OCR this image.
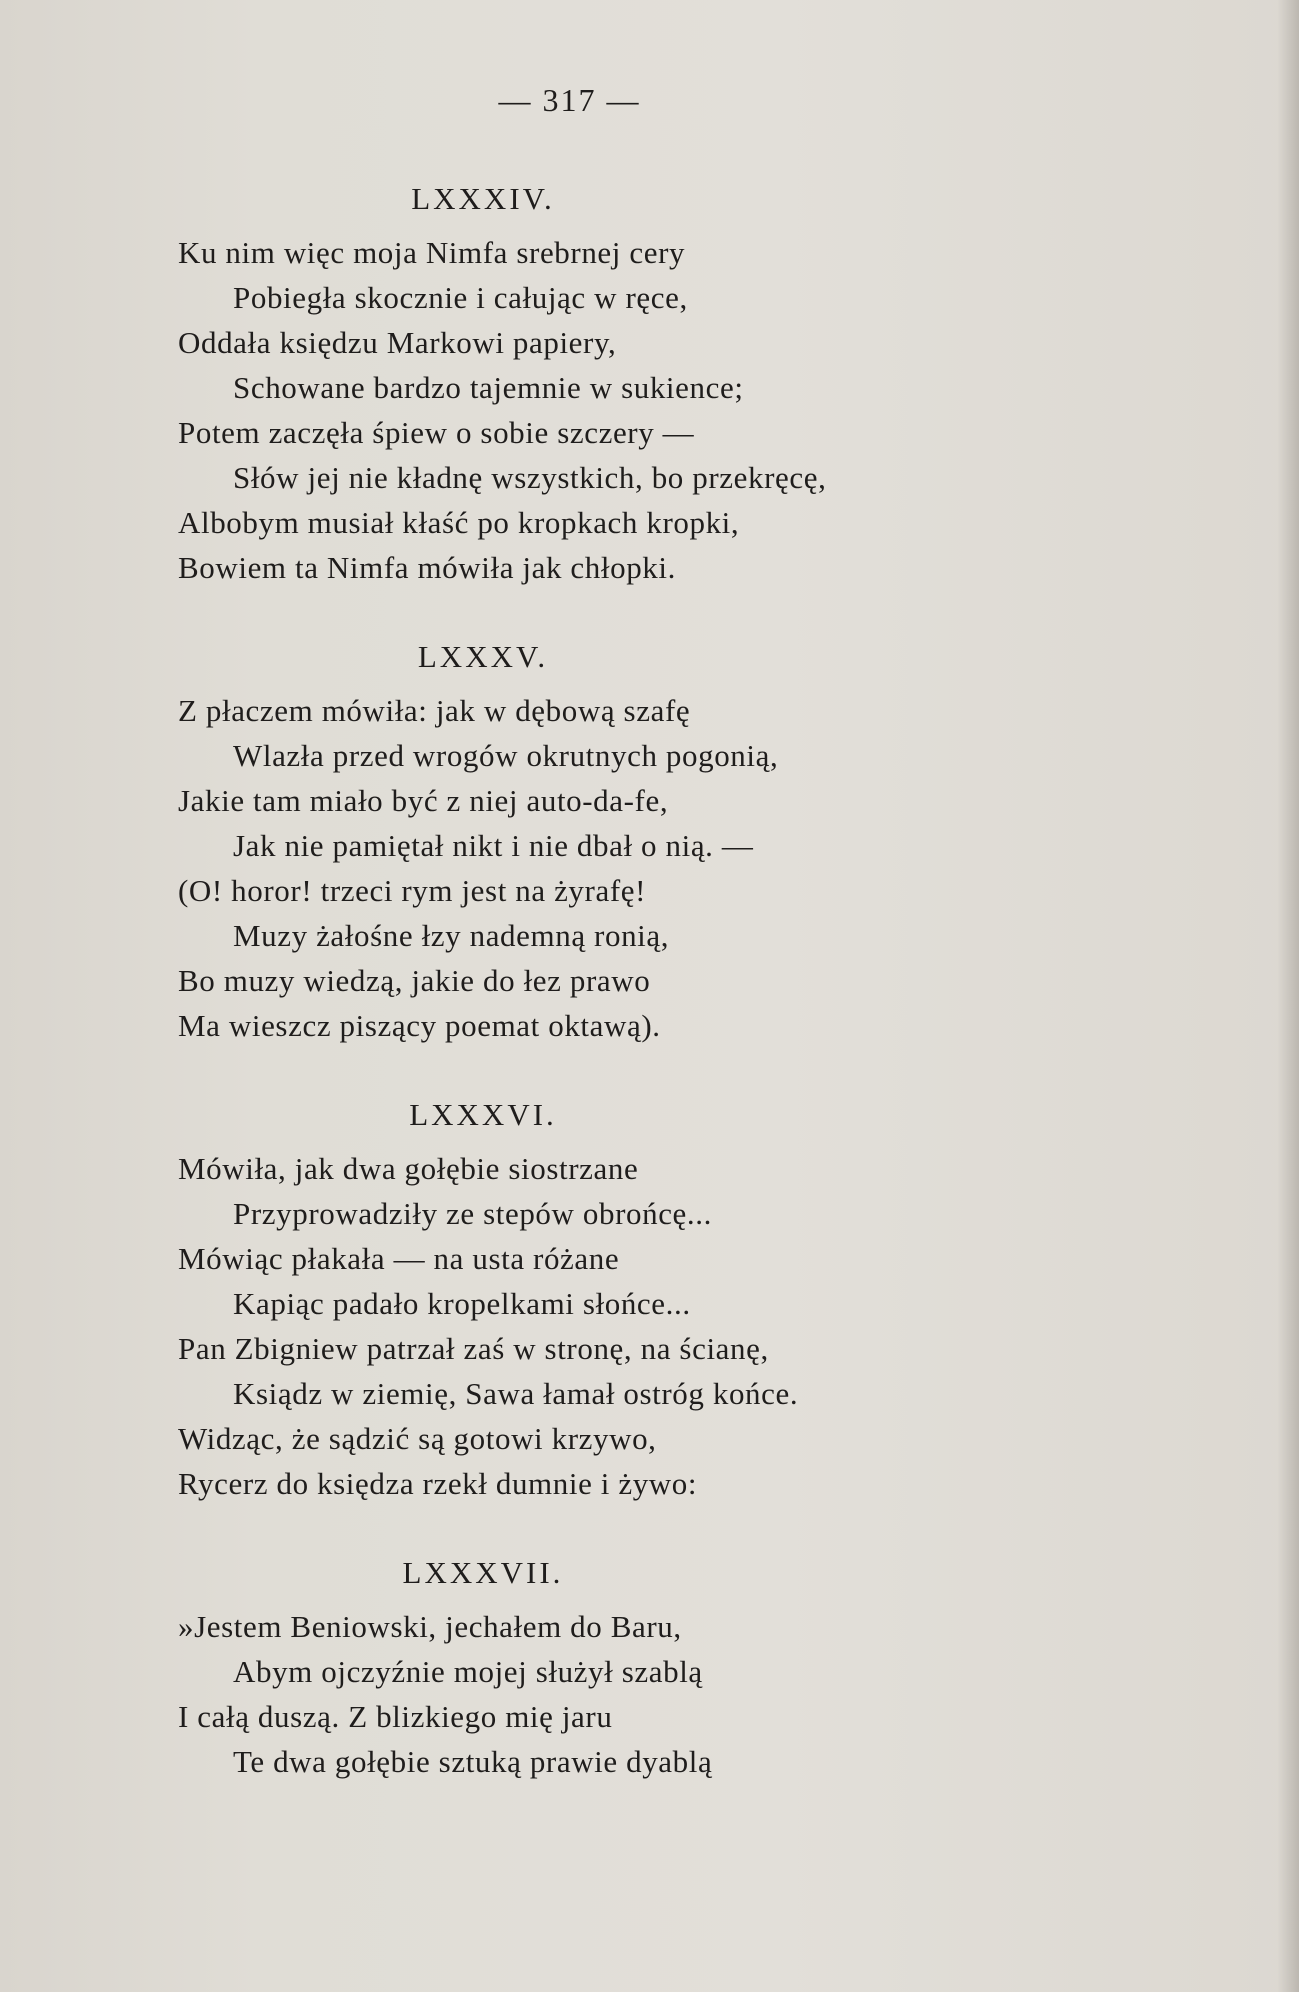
— 317 —
LXXXIV.
Ku nim więc moja Nimfa srebrnej cery
Pobiegła skocznie i całując w ręce,
Oddała księdzu Markowi papiery,
Schowane bardzo tajemnie w sukience;
Potem zaczęła śpiew o sobie szczery —
Słów jej nie kładnę wszystkich, bo przekręcę,
Albobym musiał kłaść po kropkach kropki,
Bowiem ta Nimfa mówiła jak chłopki.
LXXXV.
Z płaczem mówiła: jak w dębową szafę
Wlazła przed wrogów okrutnych pogonią,
Jakie tam miało być z niej auto-da-fe,
Jak nie pamiętał nikt i nie dbał o nią. —
(O! horor! trzeci rym jest na żyrafę!
Muzy żałośne łzy nademną ronią,
Bo muzy wiedzą, jakie do łez prawo
Ma wieszcz piszący poemat oktawą).
LXXXVI.
Mówiła, jak dwa gołębie siostrzane
Przyprowadziły ze stepów obrońcę...
Mówiąc płakała — na usta różane
Kapiąc padało kropelkami słońce...
Pan Zbigniew patrzał zaś w stronę, na ścianę,
Ksiądz w ziemię, Sawa łamał ostróg końce.
Widząc, że sądzić są gotowi krzywo,
Rycerz do księdza rzekł dumnie i żywo:
LXXXVII.
»Jestem Beniowski, jechałem do Baru,
Abym ojczyźnie mojej służył szablą
I całą duszą. Z blizkiego mię jaru
Te dwa gołębie sztuką prawie dyablą
